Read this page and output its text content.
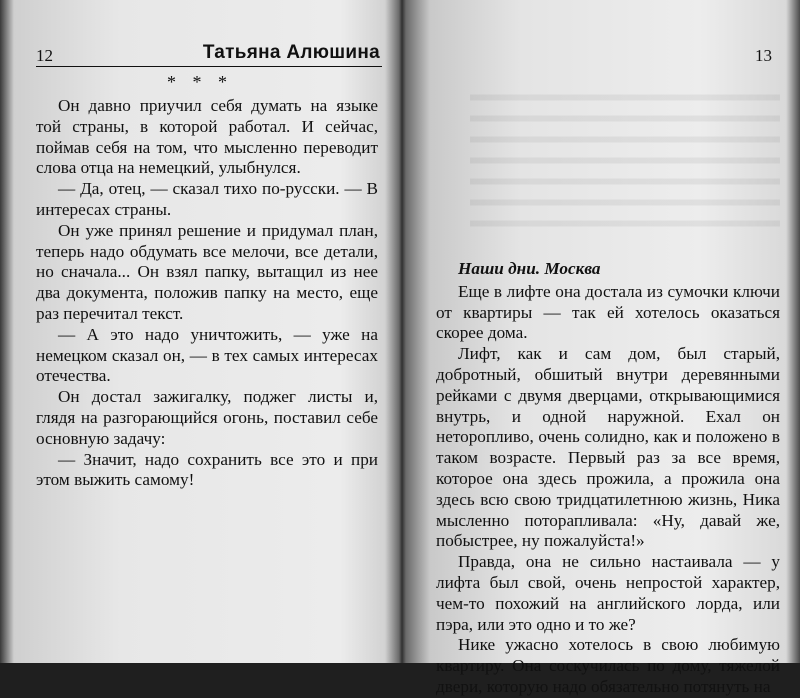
12	Татьяна Алюшина
* * *

Он давно приучил себя думать на языке той страны, в которой работал. И сейчас, поймав себя на том, что мысленно переводит слова отца на немецкий, улыбнулся.

— Да, отец, — сказал тихо по-русски. — В интересах страны.

Он уже принял решение и придумал план, теперь надо обдумать все мелочи, все детали, но сначала... Он взял папку, вытащил из нее два документа, положив папку на место, еще раз перечитал текст.

— А это надо уничтожить, — уже на немецком сказал он, — в тех самых интересах отечества.

Он достал зажигалку, поджег листы и, глядя на разгорающийся огонь, поставил себе основную задачу:

— Значит, надо сохранить все это и при этом выжить самому!

13

Наши дни. Москва

Еще в лифте она достала из сумочки ключи от квартиры — так ей хотелось оказаться скорее дома.

Лифт, как и сам дом, был старый, добротный, обшитый внутри деревянными рейками с двумя дверцами, открывающимися внутрь, и одной наружной. Ехал он неторопливо, очень солидно, как и положено в таком возрасте. Первый раз за все время, которое она здесь прожила, а прожила она здесь всю свою тридцатилетнюю жизнь, Ника мысленно поторапливала: «Ну, давай же, побыстрее, ну пожалуйста!»

Правда, она не сильно настаивала — у лифта был свой, очень непростой характер, чем-то похожий на английского лорда, или пэра, или это одно и то же?

Нике ужасно хотелось в свою любимую квартиру. Она соскучилась по дому, тяжелой двери, которую надо обязательно потянуть на
